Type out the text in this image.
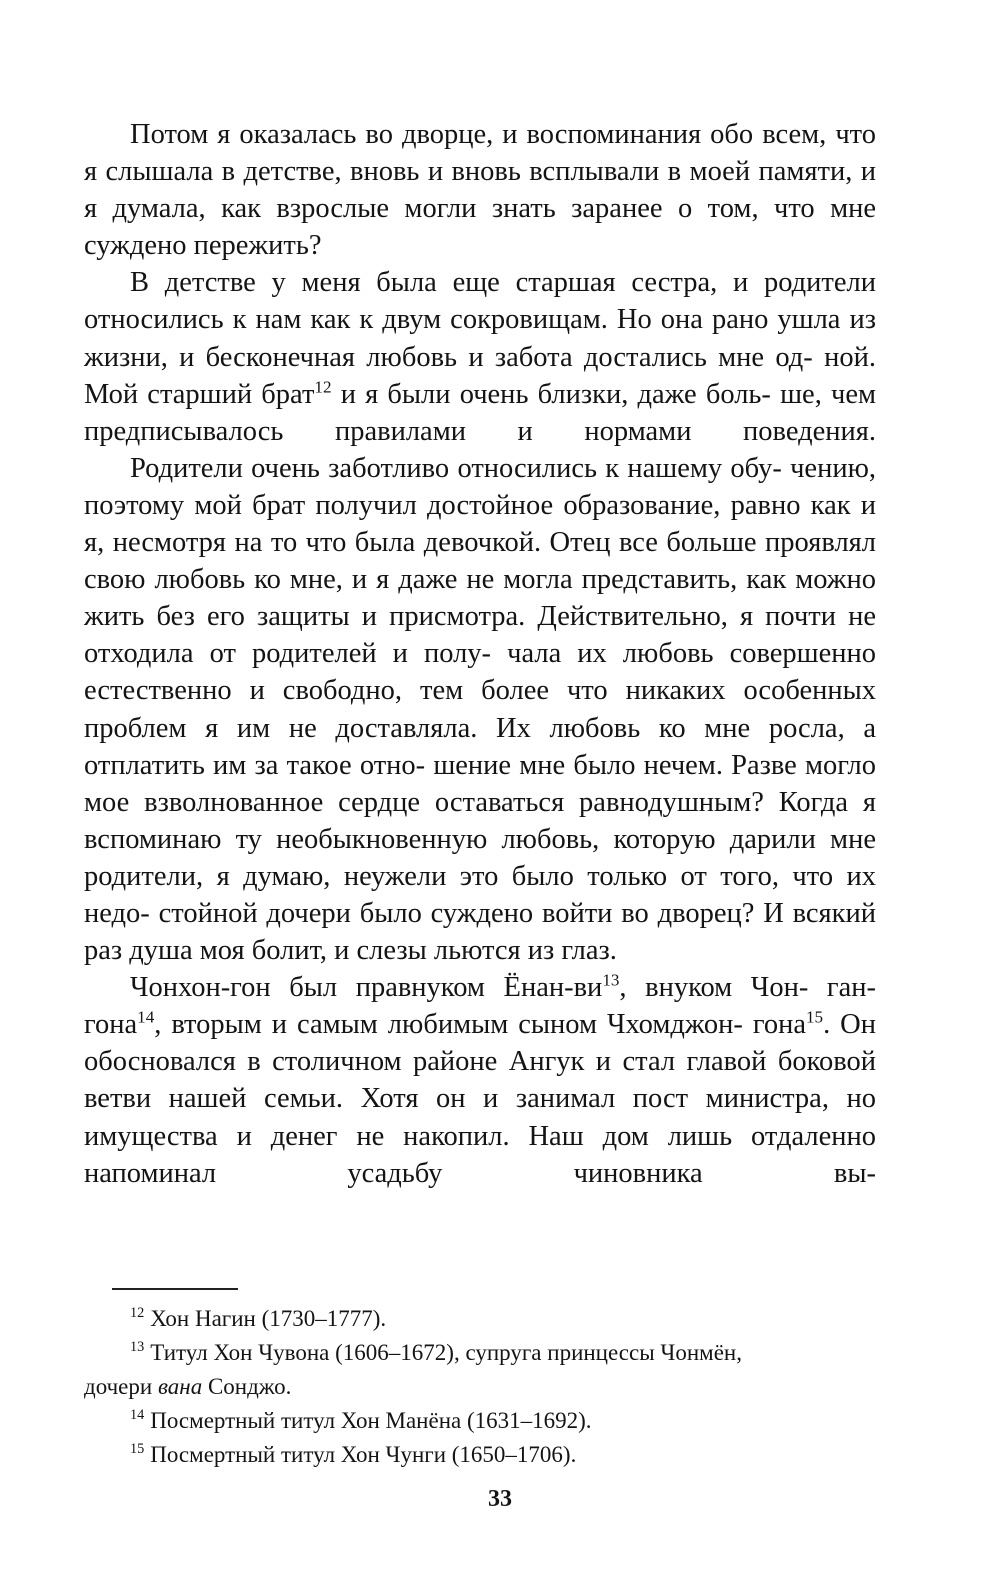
Потом я оказалась во дворце, и воспоминания обо всем, что я слышала в детстве, вновь и вновь всплывали в моей памяти, и я думала, как взрослые могли знать заранее о том, что мне суждено пережить?

В детстве у меня была еще старшая сестра, и родители относились к нам как к двум сокровищам. Но она рано ушла из жизни, и бесконечная любовь и забота достались мне од- ной. Мой старший брат$^{12}$ и я были очень близки, даже боль- ше, чем предписывалось правилами и нормами поведения.

Родители очень заботливо относились к нашему обу- чению, поэтому мой брат получил достойное образование, равно как и я, несмотря на то что была девочкой. Отец все больше проявлял свою любовь ко мне, и я даже не могла представить, как можно жить без его защиты и присмотра. Действительно, я почти не отходила от родителей и полу- чала их любовь совершенно естественно и свободно, тем более что никаких особенных проблем я им не доставляла. Их любовь ко мне росла, а отплатить им за такое отно- шение мне было нечем. Разве могло мое взволнованное сердце оставаться равнодушным? Когда я вспоминаю ту необыкновенную любовь, которую дарили мне родители, я думаю, неужели это было только от того, что их недо- стойной дочери было суждено войти во дворец? И всякий раз душа моя болит, и слезы льются из глаз.

Чонхон-гон был правнуком Ёнан-$ви^{13}$, внуком Чон- ган-гона$^{14}$, вторым и самым любимым сыном Чхомджон- гона$^{15}$. Он обосновался в столичном районе Ангук и стал главой боковой ветви нашей семьи. Хотя он и занимал пост министра, но имущества и денег не накопил. Наш дом лишь отдаленно напоминал усадьбу чиновника вы-

$^{12}$ Хон Нагин (1730–1777).

$^{13}$ Титул Хон Чувона (1606–1672), супруга принцессы Чонмён,

дочери вана Сонджо.

$^{14}$ Посмертный титул Хон Манёна (1631–1692).

$^{15}$ Посмертный титул Хон Чунги (1650–1706).

33
